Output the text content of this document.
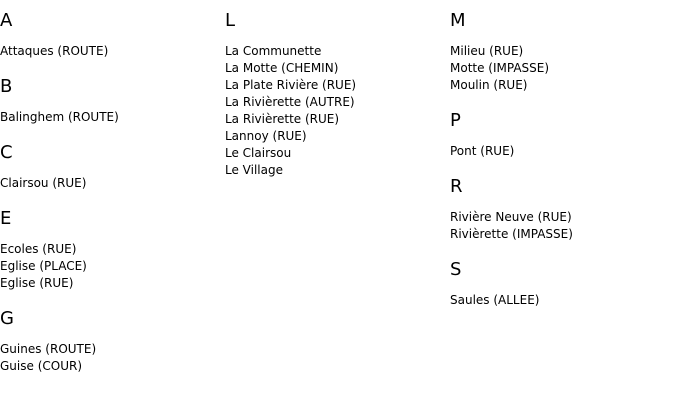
A
Attaques (ROUTE)
B
Balinghem (ROUTE)
C
Clairsou (RUE)
E
Ecoles (RUE)
Eglise (PLACE)
Eglise (RUE)
G
Guines (ROUTE)
Guise (COUR)
L
La Communette
La Motte (CHEMIN)
La Plate Rivière (RUE)
La Rivièrette (AUTRE)
La Rivièrette (RUE)
Lannoy (RUE)
Le Clairsou
Le Village
M
Milieu (RUE)
Motte (IMPASSE)
Moulin (RUE)
P
Pont (RUE)
R
Rivière Neuve (RUE)
Rivièrette (IMPASSE)
S
Saules (ALLEE)
